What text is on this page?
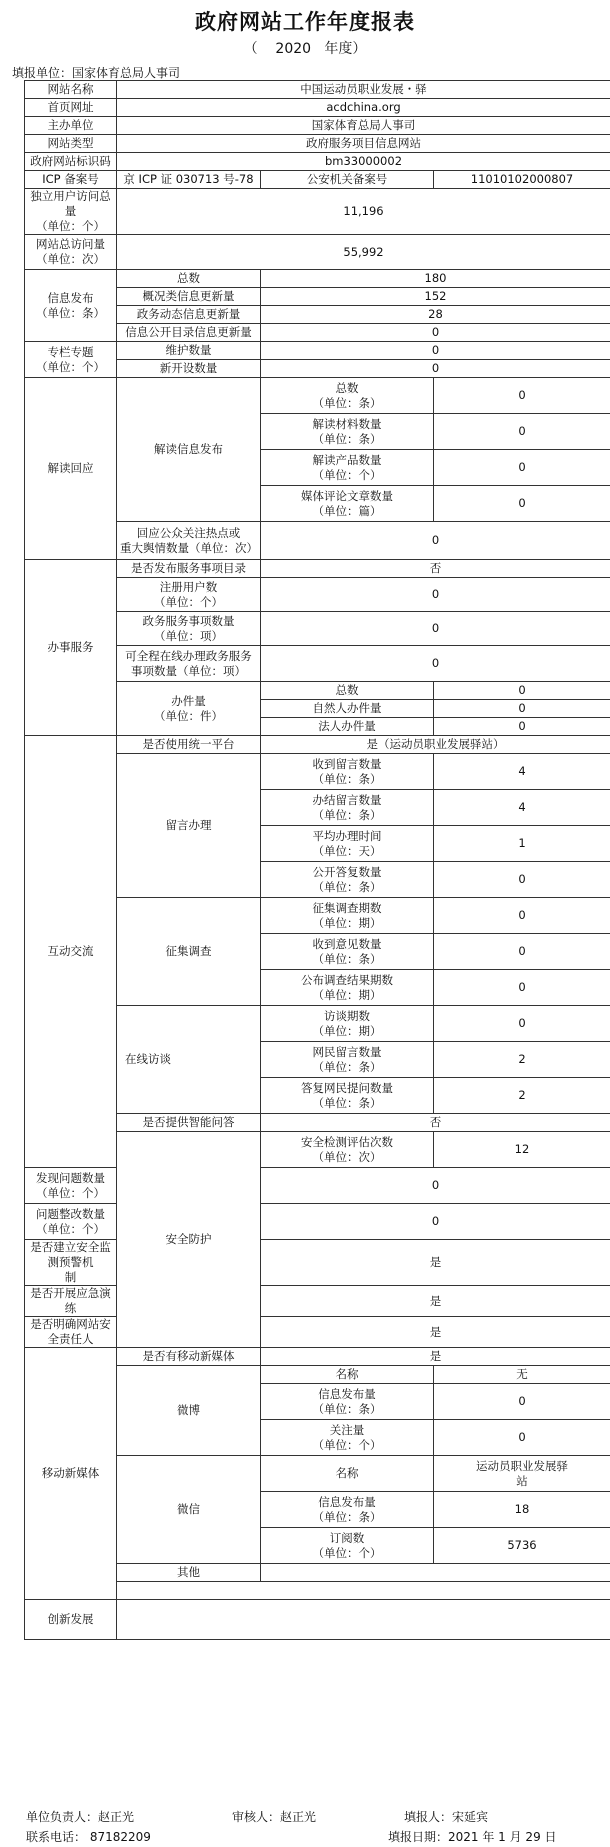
政府网站工作年度报表
（ 2020 年度）
填报单位：国家体育总局人事司
网站名称	中国运动员职业发展・驿		
首页网址	acdchina.org		
主办单位	国家体育总局人事司		
网站类型	政府服务项目信息网站		
政府网站标识码	bm33000002		
ICP 备案号	京 ICP 证 030713 号-78	公安机关备案号	11010102000807

独立用户访问总量
（单位：个）	11,196		

网站总访问量
（单位：次）	55,992		

信息发布
（单位：条）	总数	180	
	概况类信息更新量	152	
	政务动态信息更新量	28	
	信息公开目录信息更新量	0	

专栏专题
（单位：个）	维护数量	0	
	新开设数量	0	
解读回应	解读信息发布	总数
（单位：条）	0

		解读材料数量
（单位：条）	0

		解读产品数量
（单位：个）	0

		媒体评论文章数量
（单位：篇）	0

	回应公众关注热点或
重大舆情数量（单位：次）	0	
办事服务	是否发布服务事项目录	否	

	注册用户数
（单位：个）	0	

	政务服务事项数量
（单位：项）	0	

	可全程在线办理政务服务
事项数量（单位：项）	0	

	办件量
（单位：件）	总数	0
		自然人办件量	0
		法人办件量	0
互动交流	是否使用统一平台	是（运动员职业发展驿站）	
	留言办理	收到留言数量
（单位：条）	4

		办结留言数量
（单位：条）	4

		平均办理时间
（单位：天）	1

		公开答复数量
（单位：条）	0
	征集调查	征集调查期数
（单位：期）	0

		收到意见数量
（单位：条）	0

		公布调查结果期数
（单位：期）	0
	在线访谈	访谈期数
（单位：期）	0

		网民留言数量
（单位：条）	2

		答复网民提问数量
（单位：条）	2
	是否提供智能问答	否	
	安全防护	安全检测评估次数
（单位：次）	12

发现问题数量
（单位：个）		0	

问题整改数量
（单位：个）		0	

是否建立安全监测预警机
制		是	
是否开展应急演练		是	
是否明确网站安全责任人		是	
移动新媒体	是否有移动新媒体	是	
	微博	名称	无

		信息发布量
（单位：条）	0

		关注量
（单位：个）	0
	微信	名称	运动员职业发展驿
站

		信息发布量
（单位：条）	18

		订阅数
（单位：个）	5736
	其他		

创新发展			
单位负责人：赵正光	审核人：赵正光	填报人：宋延宾
联系电话： 87182209	填报日期：2021 年 1 月 29 日
